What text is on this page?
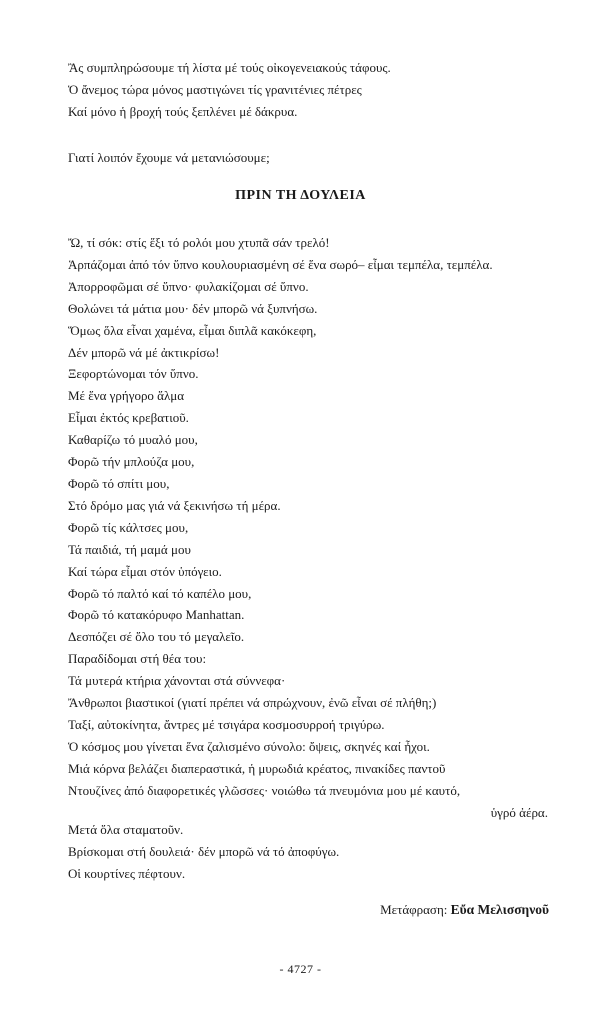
Ἂς συμπληρώσουμε τή λίστα μέ τούς οἰκογενειακούς τάφους.

Ὁ ἄνεμος τώρα μόνος μαστιγώνει τίς γρανιτένιες πέτρες

Καί μόνο ἡ βροχή τούς ξεπλένει μέ δάκρυα.

Γιατί λοιπόν ἔχουμε νά μετανιώσουμε;

ΠΡΙΝ ΤΗ ΔΟΥΛΕΙΑ

Ὤ, τί σόκ: στίς ἕξι τό ρολόι μου χτυπᾶ σάν τρελό!

Ἁρπάζομαι ἀπό τόν ὕπνο κουλουριασμένη σέ ἕνα σωρό– εἶμαι τεμπέλα, τεμπέλα.

Ἀπορροφῶμαι σέ ὕπνο· φυλακίζομαι σέ ὕπνο.

Θολώνει τά μάτια μου· δέν μπορῶ νά ξυπνήσω.

Ὅμως ὅλα εἶναι χαμένα, εἶμαι διπλᾶ κακόκεφη,

Δέν μπορῶ νά μέ ἀκτικρίσω!

Ξεφορτώνομαι τόν ὕπνο.

Μέ ἕνα γρήγορο ἅλμα

Εἶμαι ἐκτός κρεβατιοῦ.

Καθαρίζω τό μυαλό μου,

Φορῶ τήν μπλούζα μου,

Φορῶ τό σπίτι μου,

Στό δρόμο μας γιά νά ξεκινήσω τή μέρα.

Φορῶ τίς κάλτσες μου,

Τά παιδιά, τή μαμά μου

Καί τώρα εἶμαι στόν ὑπόγειο.

Φορῶ τό παλτό καί τό καπέλο μου,

Φορῶ τό κατακόρυφο Manhattan.

Δεσπόζει σέ ὅλο του τό μεγαλεῖο.

Παραδίδομαι στή θέα του:

Τά μυτερά κτήρια χάνονται στά σύννεφα·

Ἄνθρωποι βιαστικοί (γιατί πρέπει νά σπρώχνουν, ἐνῶ εἶναι σέ πλήθη;)

Ταξί, αὐτοκίνητα, ἄντρες μέ τσιγάρα κοσμοσυρροή τριγύρω.

Ὁ κόσμος μου γίνεται ἕνα ζαλισμένο σύνολο: ὄψεις, σκηνές καί ἦχοι.

Μιά κόρνα βελάζει διαπεραστικά, ἡ μυρωδιά κρέατος, πινακίδες παντοῦ

Ντουζίνες ἀπό διαφορετικές γλῶσσες· νοιώθω τά πνευμόνια μου μέ καυτό,

ὑγρό ἀέρα.

Μετά ὅλα σταματοῦν.

Βρίσκομαι στή δουλειά· δέν μπορῶ νά τό ἀποφύγω.

Οἱ κουρτίνες πέφτουν.

Μετάφραση: Εὔα Μελισσηνοῦ
- 4727 -
